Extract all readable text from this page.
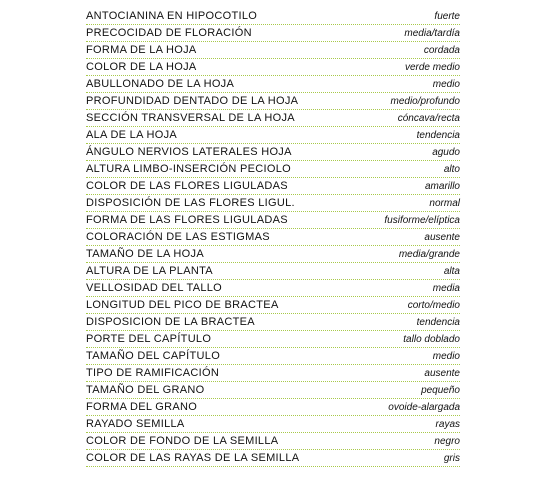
ANTOCIANINA EN HIPOCOTILO	fuerte
PRECOCIDAD DE FLORACIÓN	media/tardía
FORMA DE LA HOJA	cordada
COLOR DE LA HOJA	verde medio
ABULLONADO DE LA HOJA	medio
PROFUNDIDAD DENTADO DE LA HOJA	medio/profundo
SECCIÓN TRANSVERSAL DE LA HOJA	cóncava/recta
ALA DE LA HOJA	tendencia
ÁNGULO NERVIOS LATERALES HOJA	agudo
ALTURA LIMBO-INSERCIÓN PECIOLO	alto
COLOR DE LAS FLORES LIGULADAS	amarillo
DISPOSICIÓN DE LAS FLORES LIGUL.	normal
FORMA DE LAS FLORES LIGULADAS	fusiforme/elíptica
COLORACIÓN DE LAS ESTIGMAS	ausente
TAMAÑO DE LA HOJA	media/grande
ALTURA DE LA PLANTA	alta
VELLOSIDAD DEL TALLO	media
LONGITUD DEL PICO DE BRACTEA	corto/medio
DISPOSICION DE LA BRACTEA	tendencia
PORTE DEL CAPÍTULO	tallo doblado
TAMAÑO DEL CAPÍTULO	medio
TIPO DE RAMIFICACIÓN	ausente
TAMAÑO DEL GRANO	pequeño
FORMA DEL GRANO	ovoide-alargada
RAYADO SEMILLA	rayas
COLOR DE FONDO DE LA SEMILLA	negro
COLOR DE LAS RAYAS DE LA SEMILLA	gris
